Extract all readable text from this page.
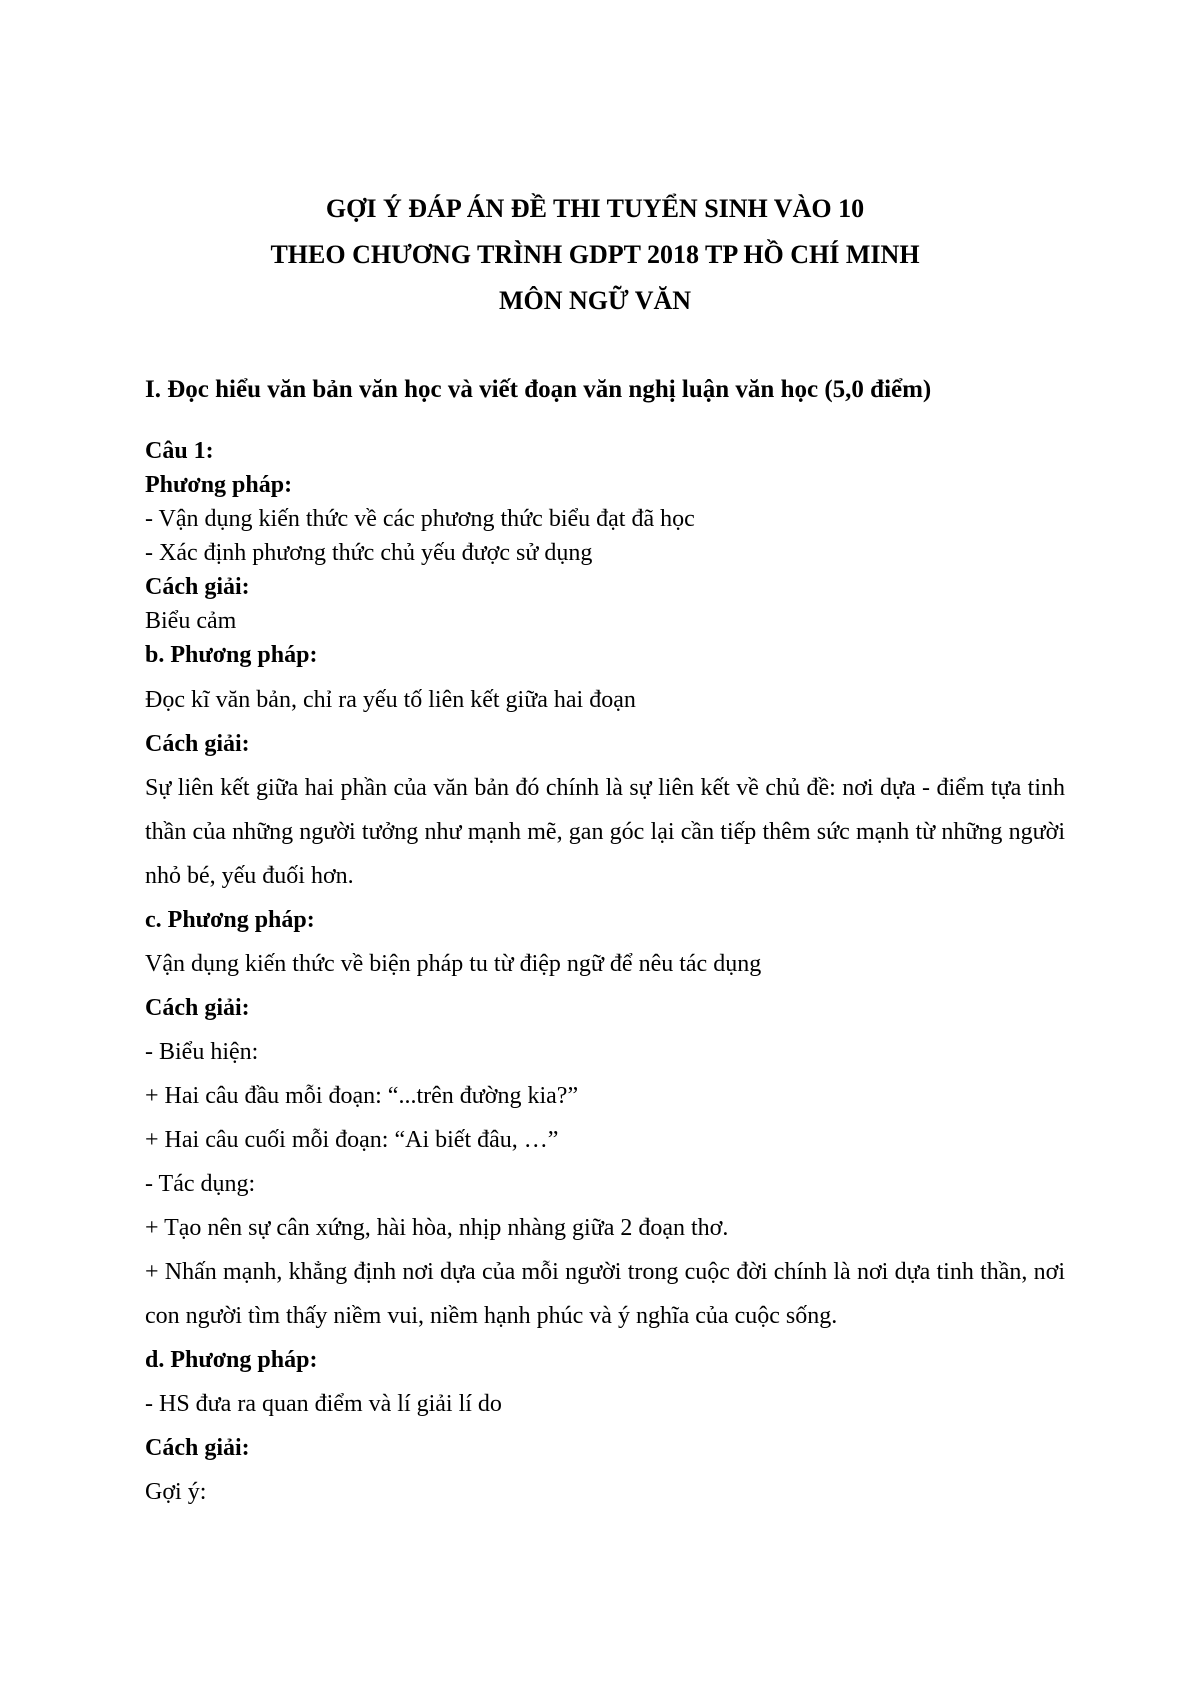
GỢI Ý ĐÁP ÁN ĐỀ THI TUYỂN SINH VÀO 10
THEO CHƯƠNG TRÌNH GDPT 2018 TP HỒ CHÍ MINH
MÔN NGỮ VĂN
I. Đọc hiểu văn bản văn học và viết đoạn văn nghị luận văn học (5,0 điểm)
Câu 1:
Phương pháp:
- Vận dụng kiến thức về các phương thức biểu đạt đã học
- Xác định phương thức chủ yếu được sử dụng
Cách giải:
Biểu cảm
b. Phương pháp:
Đọc kĩ văn bản, chỉ ra yếu tố liên kết giữa hai đoạn
Cách giải:
Sự liên kết giữa hai phần của văn bản đó chính là sự liên kết về chủ đề: nơi dựa - điểm tựa tinh thần của những người tưởng như mạnh mẽ, gan góc lại cần tiếp thêm sức mạnh từ những người nhỏ bé, yếu đuối hơn.
c. Phương pháp:
Vận dụng kiến thức về biện pháp tu từ điệp ngữ để nêu tác dụng
Cách giải:
- Biểu hiện:
+ Hai câu đầu mỗi đoạn: “...trên đường kia?”
+ Hai câu cuối mỗi đoạn: “Ai biết đâu, …”
- Tác dụng:
+ Tạo nên sự cân xứng, hài hòa, nhịp nhàng giữa 2 đoạn thơ.
+ Nhấn mạnh, khẳng định nơi dựa của mỗi người trong cuộc đời chính là nơi dựa tinh thần, nơi con người tìm thấy niềm vui, niềm hạnh phúc và ý nghĩa của cuộc sống.
d. Phương pháp:
- HS đưa ra quan điểm và lí giải lí do
Cách giải:
Gợi ý:
